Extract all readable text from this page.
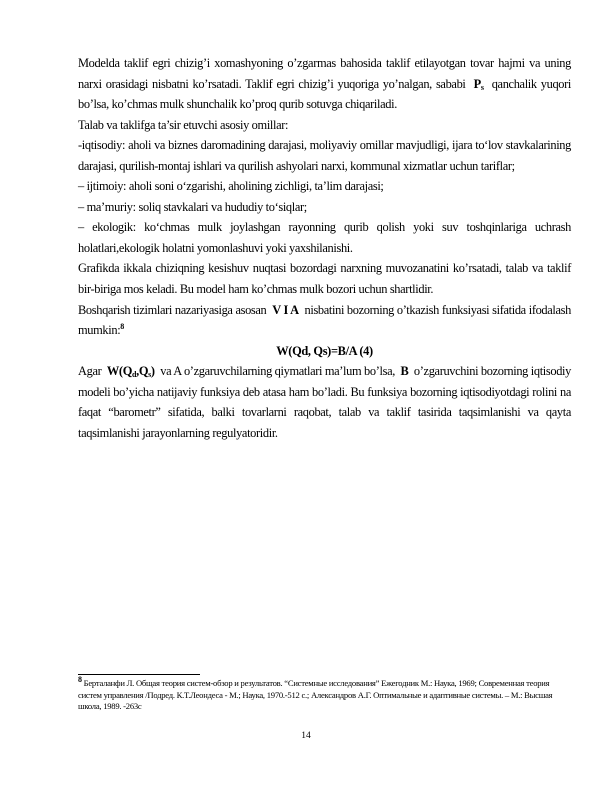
Modelda taklif egri chizig’i xomashyoning o’zgarmas bahosida taklif etilayotgan tovar hajmi va uning narxi orasidagi nisbatni ko’rsatadi. Taklif egri chizig’i yuqoriga yo’nalgan, sababi $P_s$ qanchalik yuqori bo’lsa, ko’chmas mulk shunchalik ko’proq qurib sotuvga chiqariladi.

Talab va taklifga ta’sir etuvchi asosiy omillar:

-iqtisodiy: aholi va biznes daromadining darajasi, moliyaviy omillar mavjudligi, ijara to‘lov stavkalarining darajasi, qurilish-montaj ishlari va qurilish ashyolari narxi, kommunal xizmatlar uchun tariflar;

– ijtimoiy: aholi soni o‘zgarishi, aholining zichligi, ta’lim darajasi;

– ma’muriy: soliq stavkalari va hududiy to‘siqlar;

– ekologik: ko‘chmas mulk joylashgan rayonning qurib qolish yoki suv toshqinlariga uchrash holatlari,ekologik holatni yomonlashuvi yoki yaxshilanishi.

Grafikda ikkala chiziqning kesishuv nuqtasi bozordagi narxning muvozanatini ko’rsatadi, talab va taklif bir-biriga mos keladi. Bu model ham ko’chmas mulk bozori uchun shartlidir.

Boshqarish tizimlari nazariyasiga asosan V I A  nisbatini bozorning o’tkazish funksiyasi sifatida ifodalash mumkin:$^8$

W(Qd, Qs)=B/A (4)

Agar $W(Q_d,Q_s)$ va A o’zgaruvchilarning qiymatlari ma’lum bo’lsa, B o’zgaruvchini bozorning iqtisodiy modeli bo’yicha natijaviy funksiya deb atasa ham bo’ladi. Bu funksiya bozorning iqtisodiyotdagi rolini na faqat “barometr” sifatida, balki tovarlarni raqobat, talab va taklif tasirida taqsimlanishi va qayta taqsimlanishi jarayonlarning regulyatoridir.

$^8$ Берталанфи Л. Общая теория систем-обзор и результатов. “Системные исследования” Ежегодник М.: Наука, 1969; Современная теория систем управления /Подред. К.Т.Леондеса - М.; Наука, 1970.-512 с.; Александров А.Г. Оптимальные и адаптивные системы. – М.: Высшая школа, 1989. -263с
14
